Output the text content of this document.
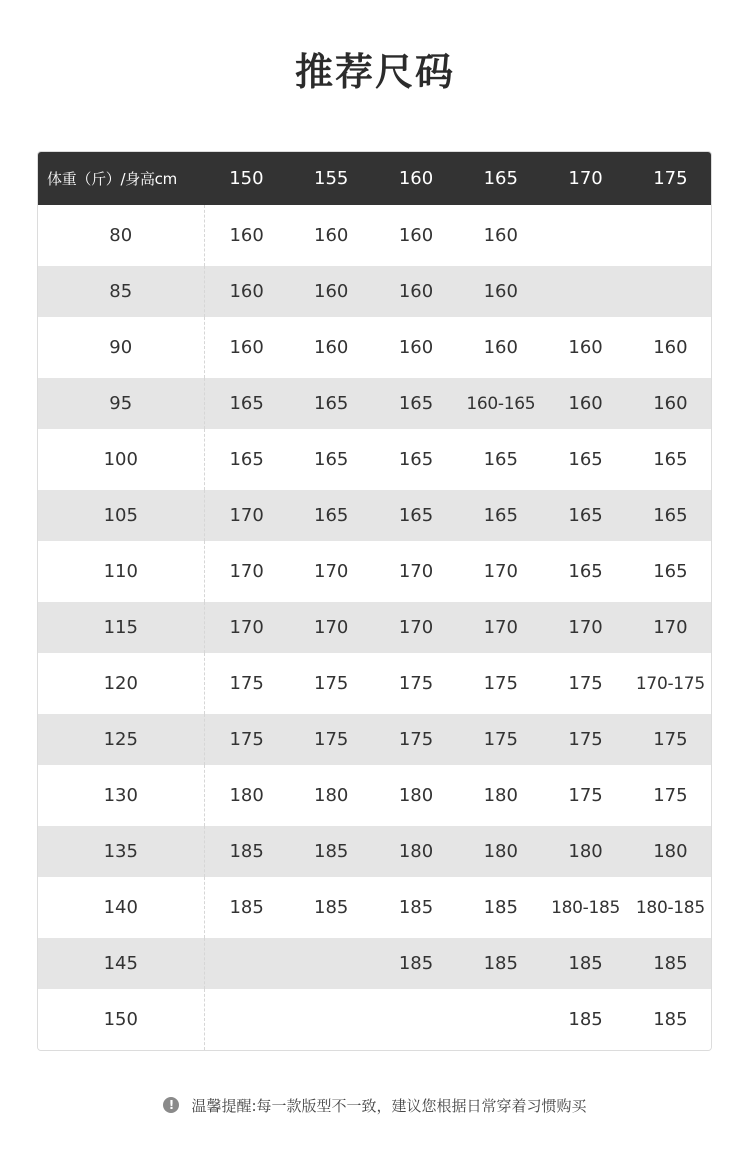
推荐尺码
体重（斤）/身高cm	150	155	160	165	170	175
80	160	160	160	160		
85	160	160	160	160		
90	160	160	160	160	160	160
95	165	165	165	160-165	160	160
100	165	165	165	165	165	165
105	170	165	165	165	165	165
110	170	170	170	170	165	165
115	170	170	170	170	170	170
120	175	175	175	175	175	170-175
125	175	175	175	175	175	175
130	180	180	180	180	175	175
135	185	185	180	180	180	180
140	185	185	185	185	180-185	180-185
145			185	185	185	185
150					185	185
!	温馨提醒:每一款版型不一致，建议您根据日常穿着习惯购买
